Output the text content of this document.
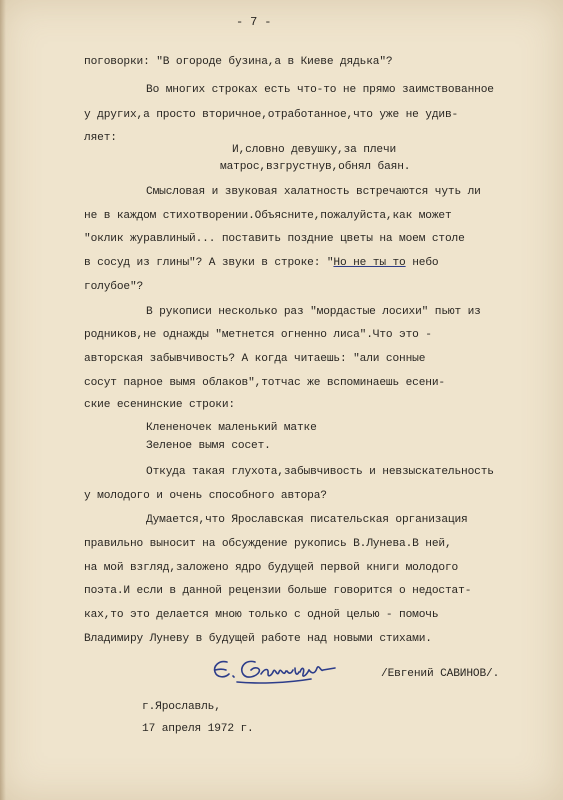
- 7 -
поговорки: "В огороде бузина,а в Киеве дядька"?
Во многих строках есть что-то не прямо заимствованное
у других,а просто вторичное,отработанное,что уже не удив-
ляет:
И,словно девушку,за плечи
матрос,взгрустнув,обнял баян.
Смысловая и звуковая халатность встречаются чуть ли
не в каждом стихотворении.Объясните,пожалуйста,как может
"оклик журавлиный... поставить поздние цветы на моем столе
в сосуд из глины"? А звуки в строке: "Но не ты то небо
голубое"?
В рукописи несколько раз "мордастые лосихи" пьют из
родников,не однажды "метнется огненно лиса".Что это -
авторская забывчивость? А когда читаешь: "али сонные
сосут парное вымя облаков",тотчас же вспоминаешь есени-
ские есенинские строки:
Клененочек маленький матке
Зеленое вымя сосет.
Откуда такая глухота,забывчивость и невзыскательность
у молодого и очень способного автора?
Думается,что Ярославская писательская организация
правильно выносит на обсуждение рукопись В.Лунева.В ней,
на мой взгляд,заложено ядро будущей первой книги молодого
поэта.И если в данной рецензии больше говорится о недостат-
ках,то это делается мною только с одной целью - помочь
Владимиру Луневу в будущей работе над новыми стихами.
/Евгений САВИНОВ/.
г.Ярославль,
17 апреля 1972 г.
